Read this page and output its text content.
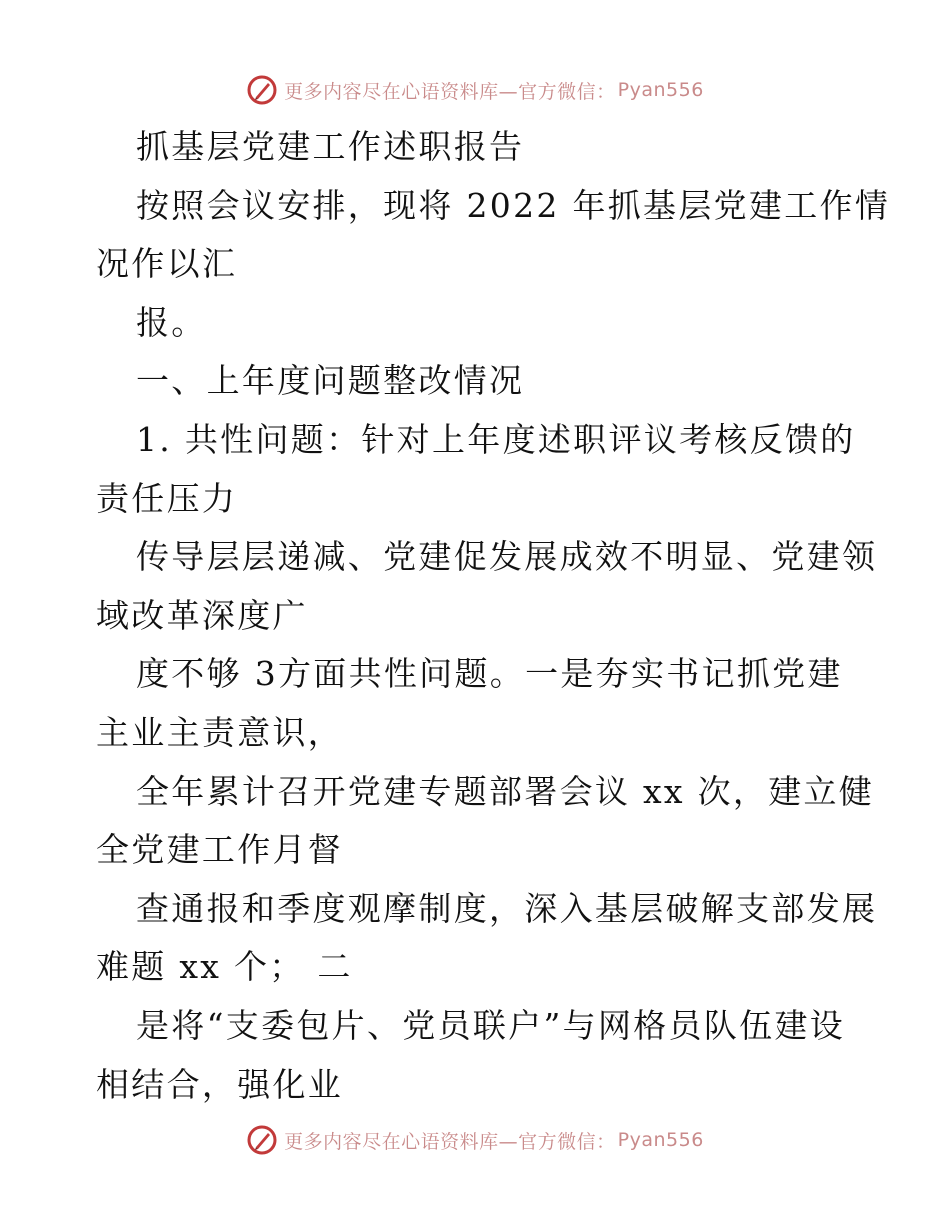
更多内容尽在心语资料库—官方微信： Pyan556
抓基层党建工作述职报告
按照会议安排，现将 2022 年抓基层党建工作情
况作以汇
报。
一、上年度问题整改情况
1. 共性问题：针对上年度述职评议考核反馈的
责任压力
传导层层递减、党建促发展成效不明显、党建领
域改革深度广
度不够 3方面共性问题。一是夯实书记抓党建
主业主责意识，
全年累计召开党建专题部署会议 xx 次，建立健
全党建工作月督
查通报和季度观摩制度，深入基层破解支部发展
难题 xx 个； 二
是将“支委包片、党员联户”与网格员队伍建设
相结合，强化业
更多内容尽在心语资料库—官方微信： Pyan556
